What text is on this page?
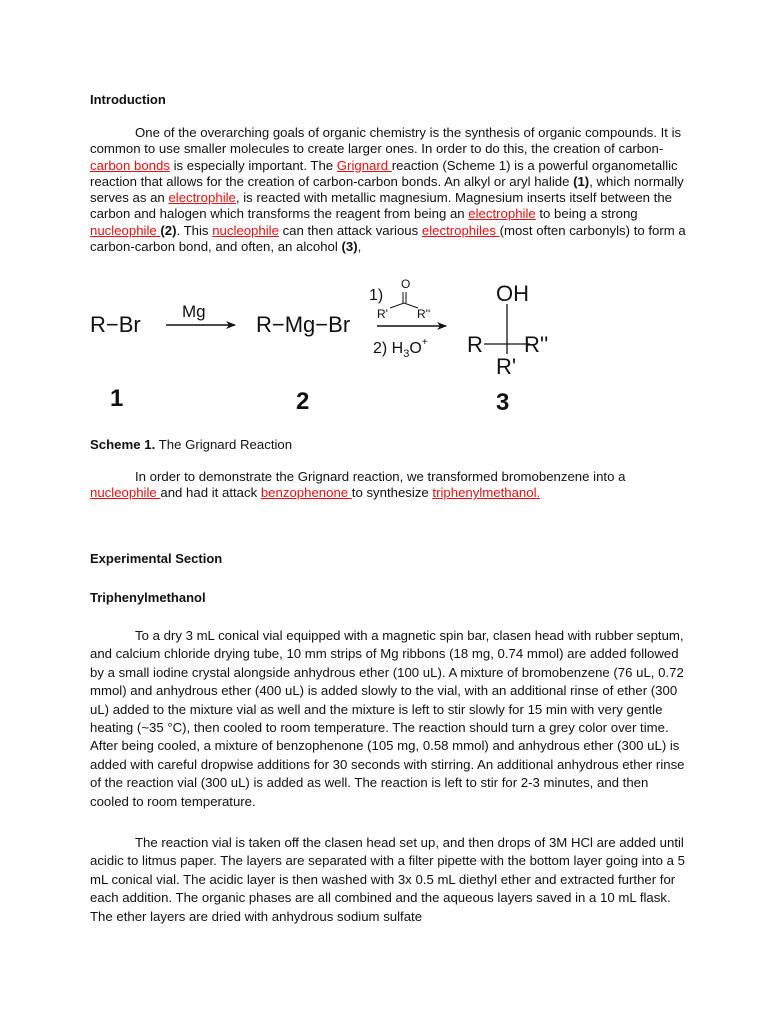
Introduction

One of the overarching goals of organic chemistry is the synthesis of organic compounds. It is common to use smaller molecules to create larger ones. In order to do this, the creation of carbon-carbon bonds is especially important. The Grignard reaction (Scheme 1) is a powerful organometallic reaction that allows for the creation of carbon-carbon bonds. An alkyl or aryl halide (1), which normally serves as an electrophile, is reacted with metallic magnesium. Magnesium inserts itself between the carbon and halogen which transforms the reagent from being an electrophile to being a strong nucleophile (2). This nucleophile can then attack various electrophiles (most often carbonyls) to form a carbon-carbon bond, and often, an alcohol (3),

R−Br
1
Mg
R−Mg−Br
2
1)
O
R' R''
2) $H_3O^+$
OH
R R''
R'
3
Scheme 1. The Grignard Reaction

In order to demonstrate the Grignard reaction, we transformed bromobenzene into a nucleophile and had it attack benzophenone to synthesize triphenylmethanol.

Experimental Section
Triphenylmethanol

To a dry 3 mL conical vial equipped with a magnetic spin bar, clasen head with rubber septum, and calcium chloride drying tube, 10 mm strips of Mg ribbons (18 mg, 0.74 mmol) are added followed by a small iodine crystal alongside anhydrous ether (100 uL). A mixture of bromobenzene (76 uL, 0.72 mmol) and anhydrous ether (400 uL) is added slowly to the vial, with an additional rinse of ether (300 uL) added to the mixture vial as well and the mixture is left to stir slowly for 15 min with very gentle heating (~35 °C), then cooled to room temperature. The reaction should turn a grey color over time. After being cooled, a mixture of benzophenone (105 mg, 0.58 mmol) and anhydrous ether (300 uL) is added with careful dropwise additions for 30 seconds with stirring. An additional anhydrous ether rinse of the reaction vial (300 uL) is added as well. The reaction is left to stir for 2-3 minutes, and then cooled to room temperature.

The reaction vial is taken off the clasen head set up, and then drops of 3M HCl are added until acidic to litmus paper. The layers are separated with a filter pipette with the bottom layer going into a 5 mL conical vial. The acidic layer is then washed with 3x 0.5 mL diethyl ether and extracted further for each addition. The organic phases are all combined and the aqueous layers saved in a 10 mL flask. The ether layers are dried with anhydrous sodium sulfate
